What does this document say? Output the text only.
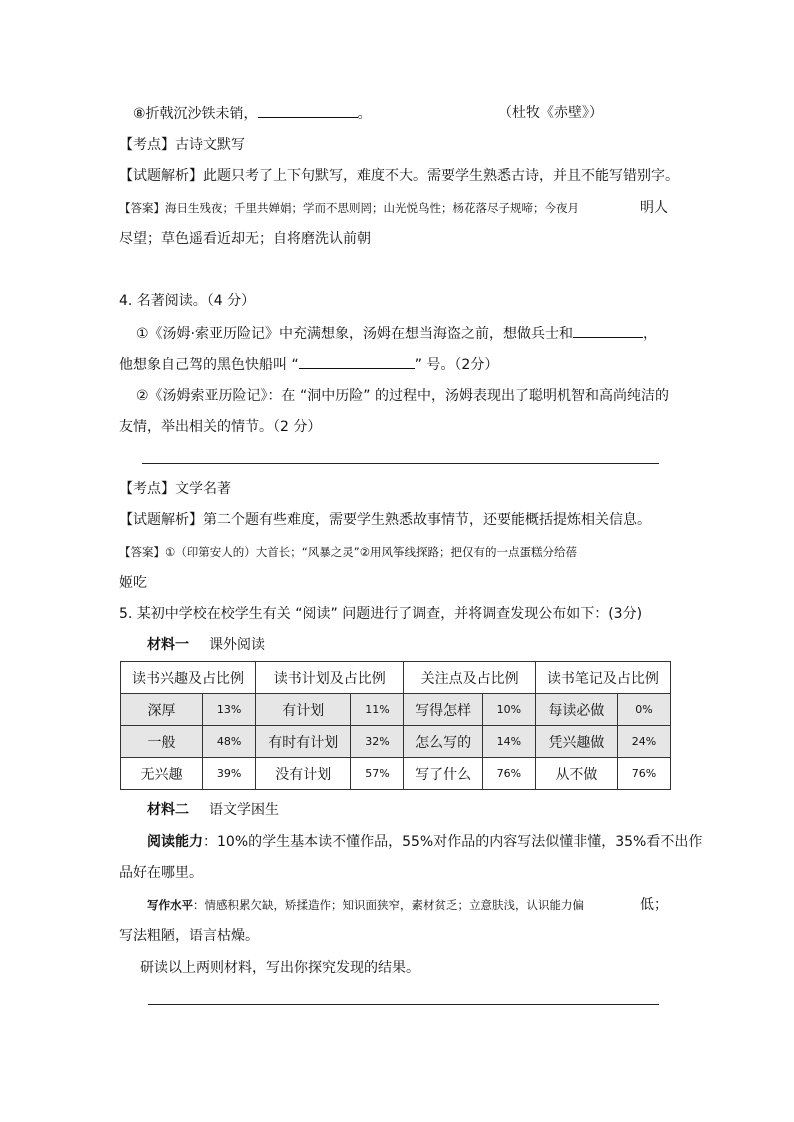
⑧折戟沉沙铁未销，	。	（杜牧《赤壁》）
【考点】古诗文默写
【试题解析】此题只考了上下句默写，难度不大。需要学生熟悉古诗，并且不能写错别字。
【答案】海日生残夜；千里共婵娟；学而不思则罔；山光悦鸟性；杨花落尽子规啼；今夜月	明人
尽望；草色遥看近却无；自将磨洗认前朝
4. 名著阅读。（4 分）
①《汤姆·索亚历险记》中充满想象，汤姆在想当海盗之前，想做兵士和	，
他想象自己驾的黑色快船叫 “	” 号。（2分）
②《汤姆索亚历险记》：在 “洞中历险” 的过程中，汤姆表现出了聪明机智和高尚纯洁的
友情，举出相关的情节。（2 分）
【考点】文学名著
【试题解析】第二个题有些难度，需要学生熟悉故事情节，还要能概括提炼相关信息。
【答案】①（印第安人的）大首长；“风暴之灵”②用风筝线探路；把仅有的一点蛋糕分给蓓
姬吃
5. 某初中学校在校学生有关 “阅读” 问题进行了调查，并将调查发现公布如下：(3分)
材料一 课外阅读
读书兴趣及占比例		读书计划及占比例		关注点及占比例		读书笔记及占比例	
深厚	13%	有计划	11%	写得怎样	10%	每读必做	0%
一般	48%	有时有计划	32%	怎么写的	14%	凭兴趣做	24%
无兴趣	39%	没有计划	57%	写了什么	76%	从不做	76%
材料二 语文学困生
阅读能力：10%的学生基本读不懂作品，55%对作品的内容写法似懂非懂，35%看不出作
品好在哪里。
写作水平：情感积累欠缺，矫揉造作；知识面狭窄，素材贫乏；立意肤浅，认识能力偏	低；
写法粗陋，语言枯燥。
研读以上两则材料，写出你探究发现的结果。
